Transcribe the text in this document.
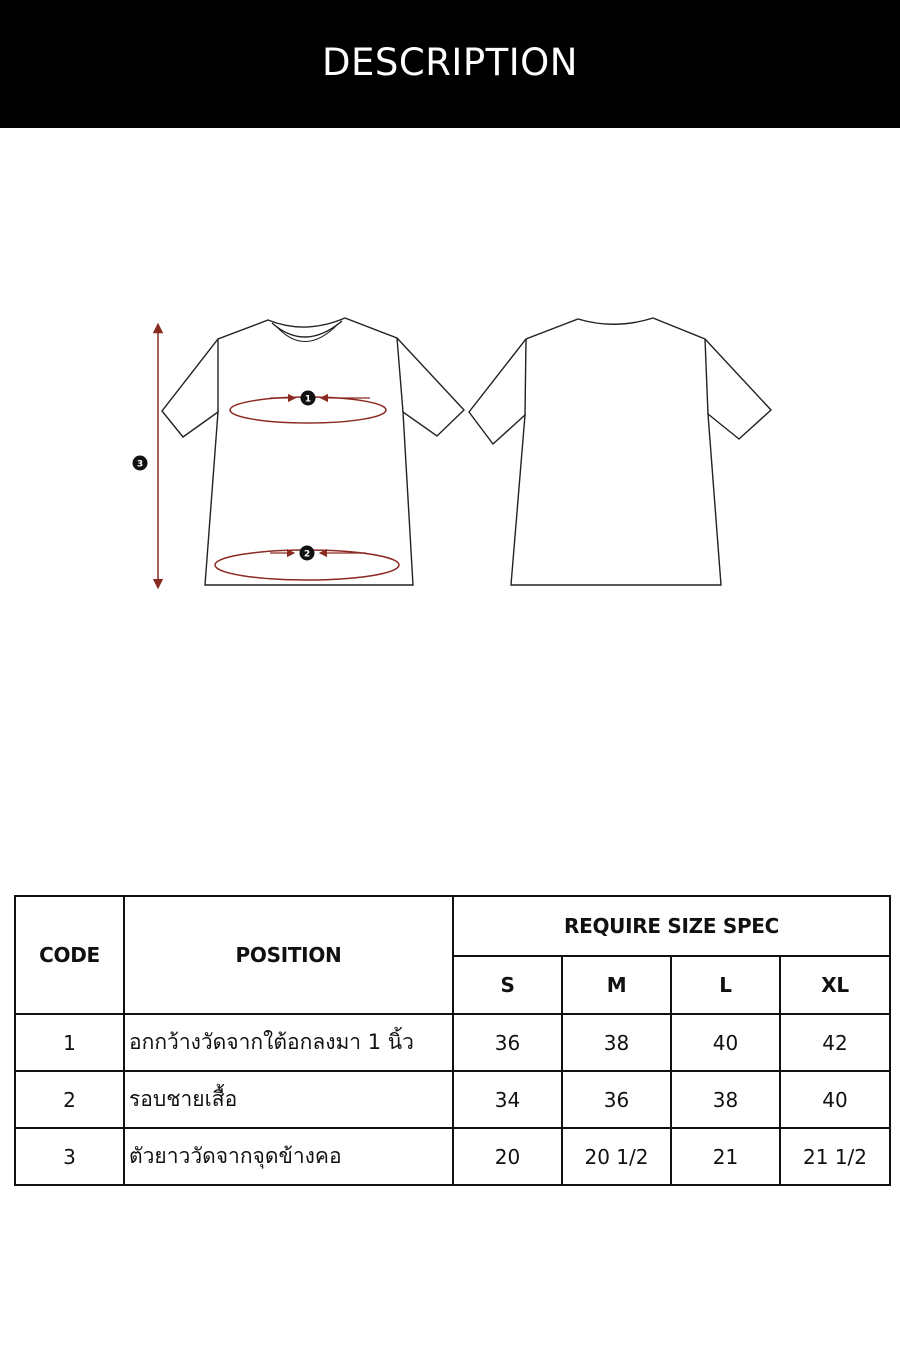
DESCRIPTION
1
2
3
CODE	POSITION	REQUIRE SIZE SPEC			
		S	M	L	XL
1	อกกว้างวัดจากใต้อกลงมา 1 นิ้ว	36	38	40	42
2	รอบชายเสื้อ	34	36	38	40
3	ตัวยาววัดจากจุดข้างคอ	20	20 1/2	21	21 1/2
